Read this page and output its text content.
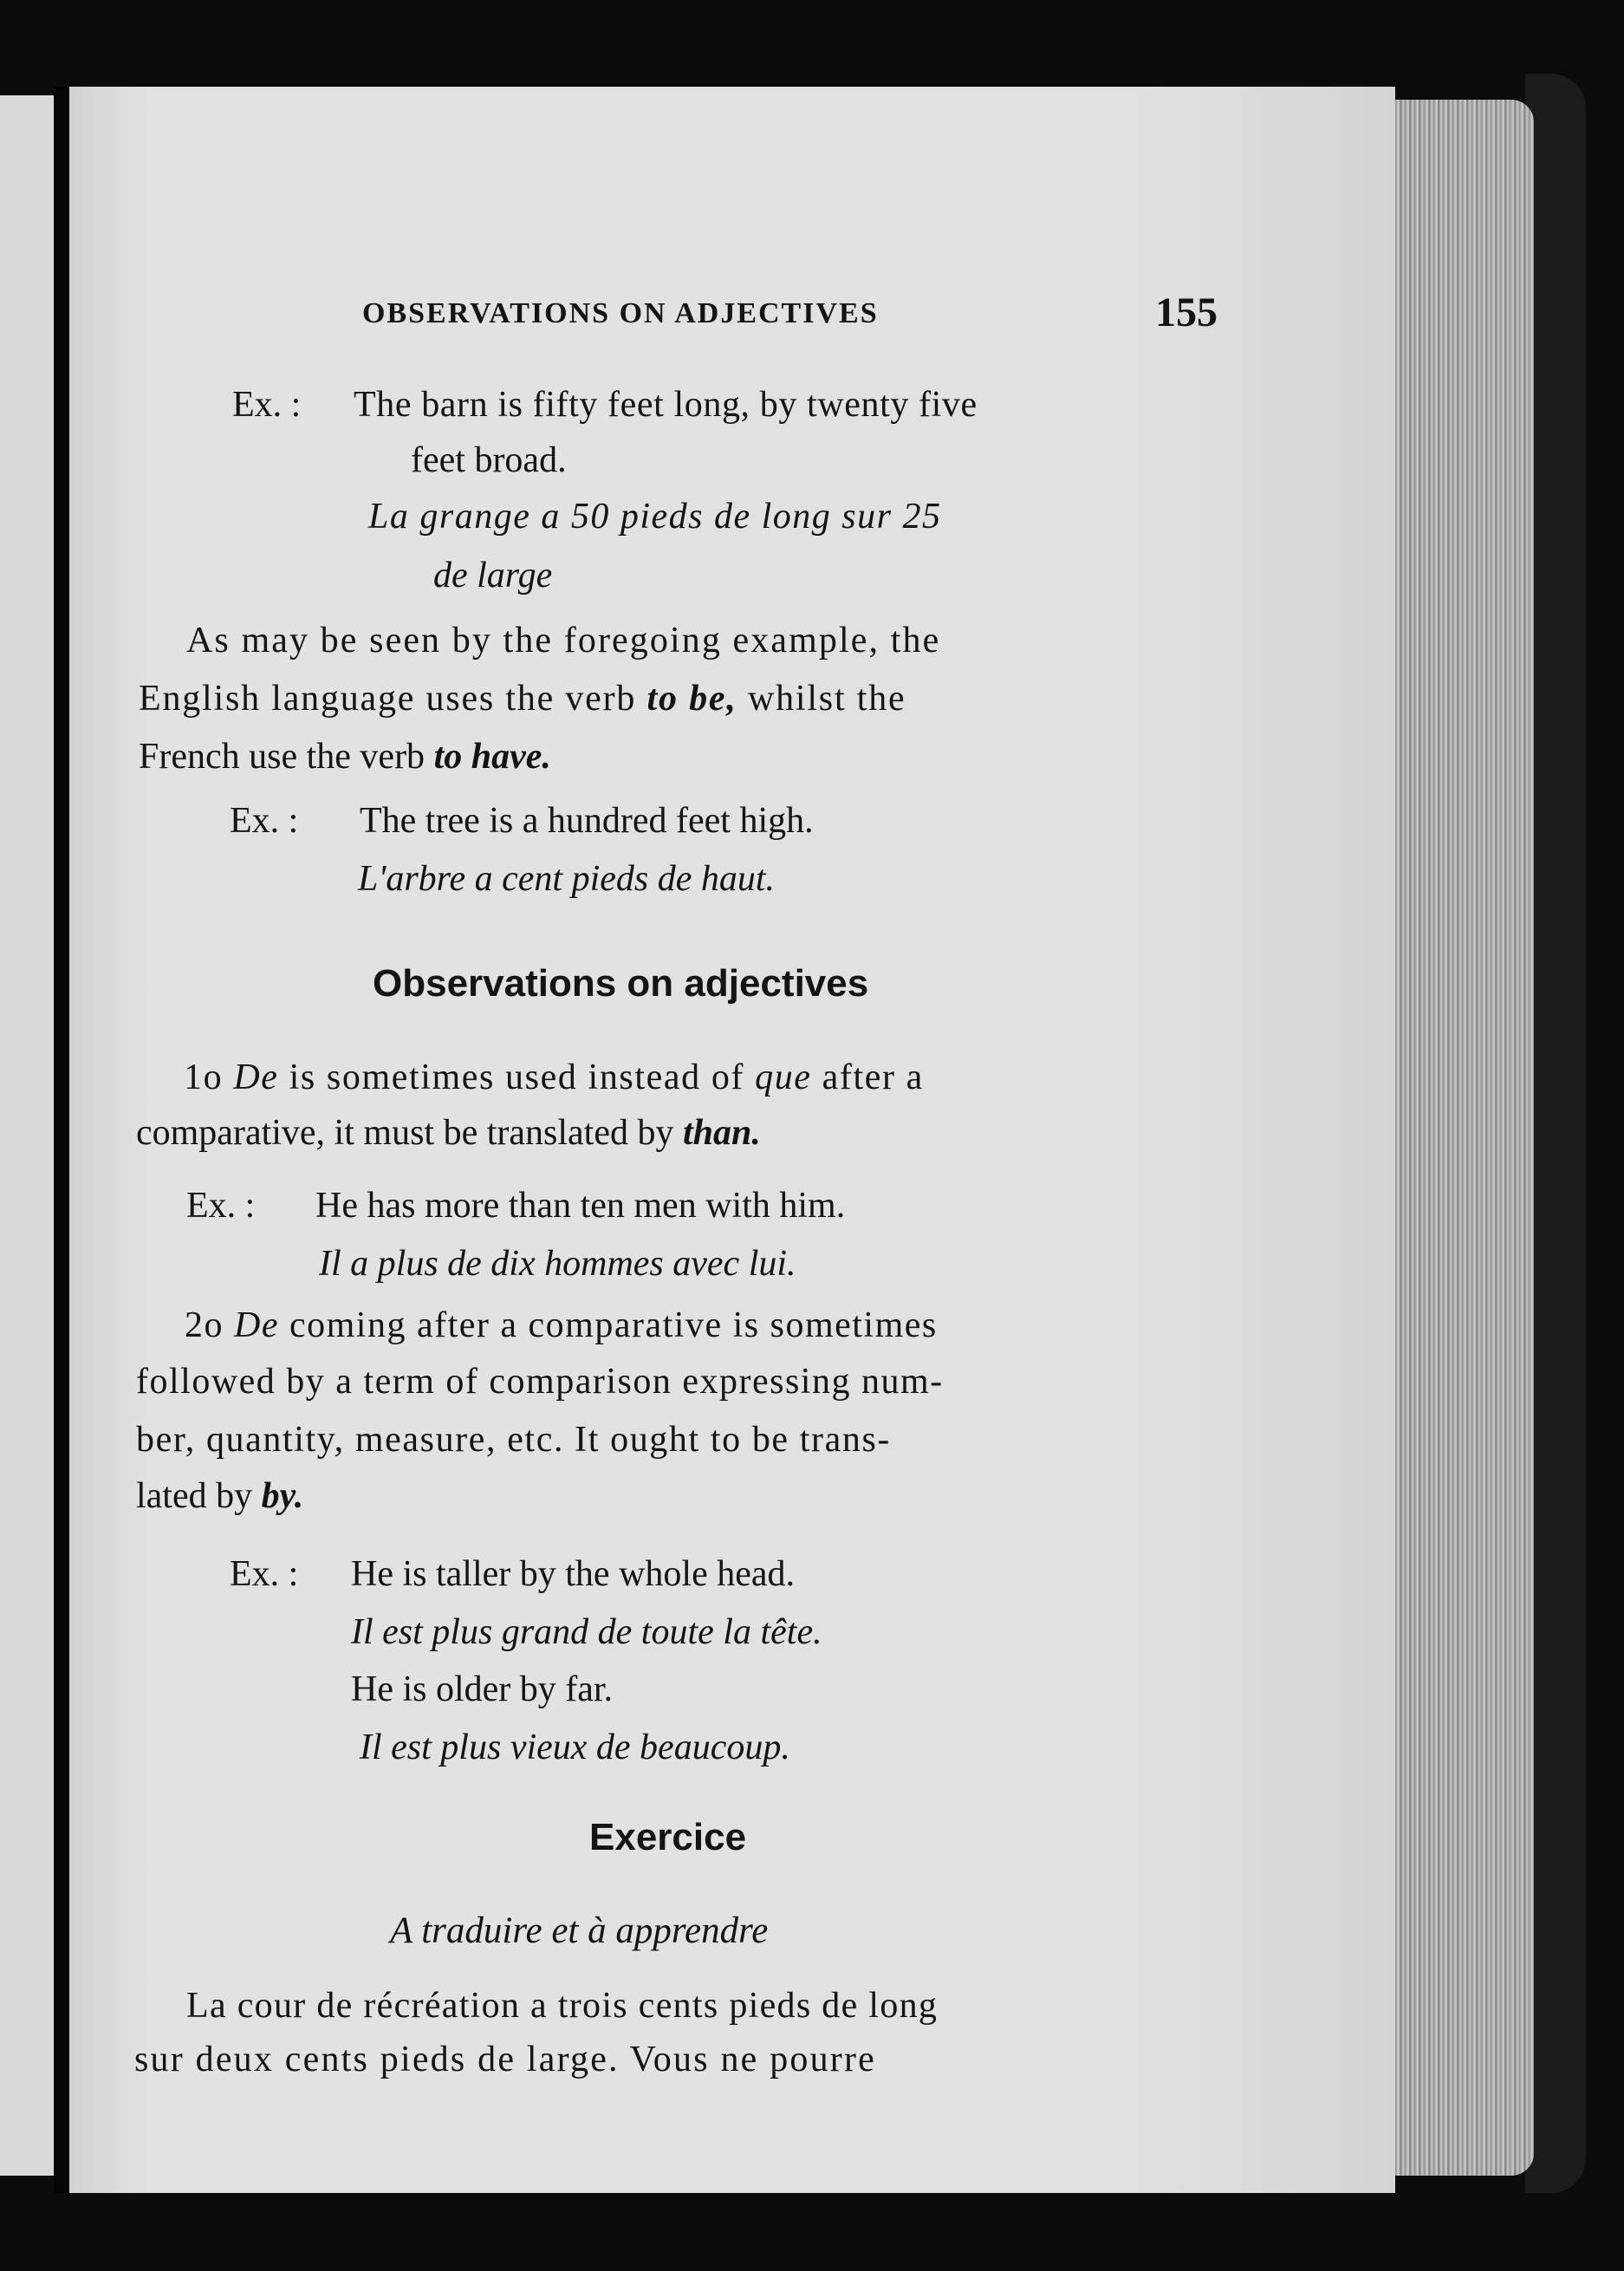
OBSERVATIONS ON ADJECTIVES	155
Ex. : The barn is fifty feet long, by twenty five
feet broad.
La grange a 50 pieds de long sur 25
de large
As may be seen by the foregoing example, the
English language uses the verb to be, whilst the
French use the verb to have.
Ex. : The tree is a hundred feet high.
L'arbre a cent pieds de haut.
Observations on adjectives
1o De is sometimes used instead of que after a
comparative, it must be translated by than.
Ex. : He has more than ten men with him.
Il a plus de dix hommes avec lui.
2o De coming after a comparative is sometimes
followed by a term of comparison expressing num-
ber, quantity, measure, etc. It ought to be trans-
lated by by.
Ex. : He is taller by the whole head.
Il est plus grand de toute la tête.
He is older by far.
Il est plus vieux de beaucoup.
Exercice
A traduire et à apprendre
La cour de récréation a trois cents pieds de long
sur deux cents pieds de large. Vous ne pourre
